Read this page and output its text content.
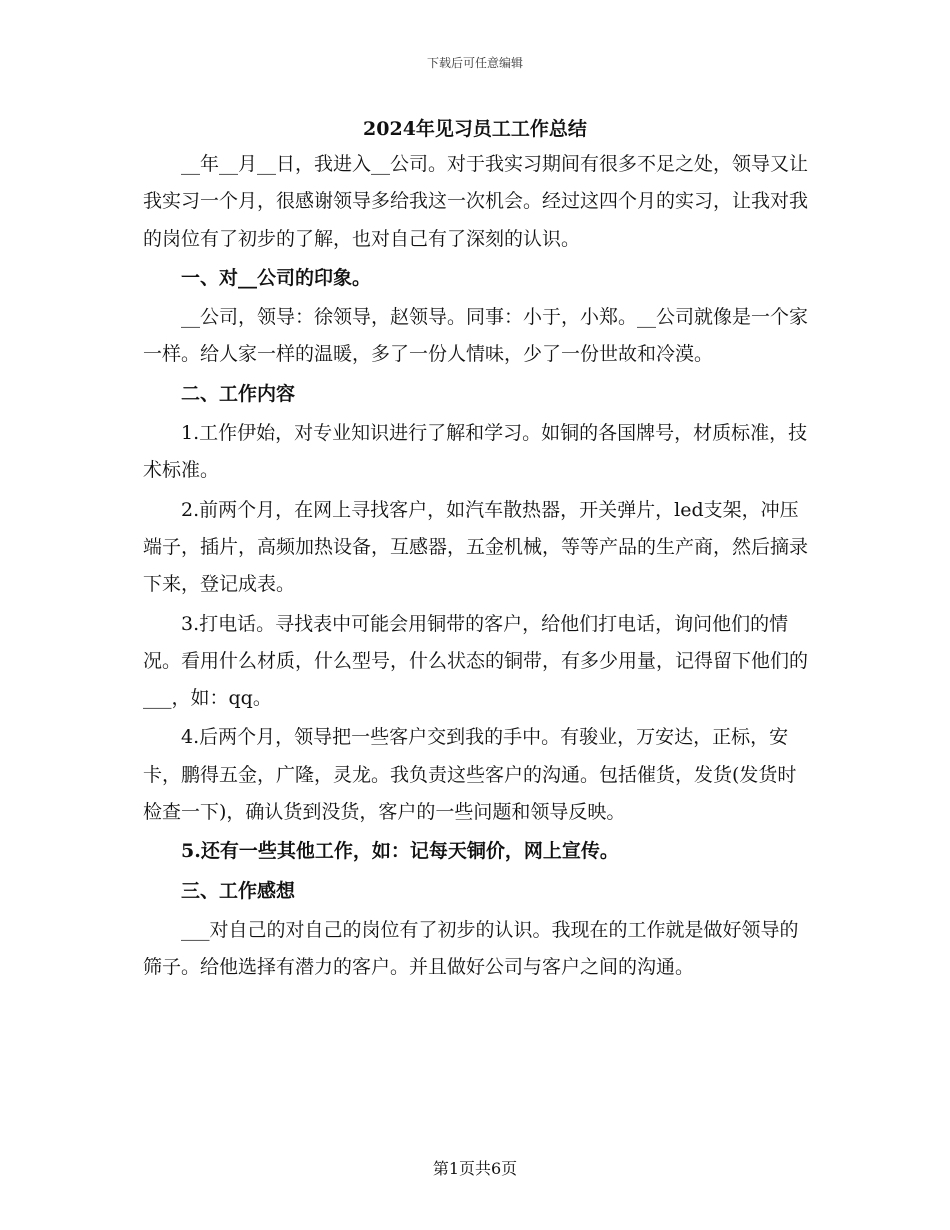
下载后可任意编辑
2024年见习员工工作总结

__年__月__日，我进入__公司。对于我实习期间有很多不足之处，领导又让我实习一个月，很感谢领导多给我这一次机会。经过这四个月的实习，让我对我的岗位有了初步的了解，也对自己有了深刻的认识。

一、对__公司的印象。

__公司，领导：徐领导，赵领导。同事：小于，小郑。__公司就像是一个家一样。给人家一样的温暖，多了一份人情味，少了一份世故和冷漠。

二、工作内容

1.工作伊始，对专业知识进行了解和学习。如铜的各国牌号，材质标准，技术标准。

2.前两个月，在网上寻找客户，如汽车散热器，开关弹片，led支架，冲压端子，插片，高频加热设备，互感器，五金机械，等等产品的生产商，然后摘录下来，登记成表。

3.打电话。寻找表中可能会用铜带的客户，给他们打电话，询问他们的情况。看用什么材质，什么型号，什么状态的铜带，有多少用量，记得留下他们的___，如：qq。

4.后两个月，领导把一些客户交到我的手中。有骏业，万安达，正标，安卡，鹏得五金，广隆，灵龙。我负责这些客户的沟通。包括催货，发货(发货时检查一下)，确认货到没货，客户的一些问题和领导反映。

5.还有一些其他工作，如：记每天铜价，网上宣传。

三、工作感想

___对自己的对自己的岗位有了初步的认识。我现在的工作就是做好领导的筛子。给他选择有潜力的客户。并且做好公司与客户之间的沟通。

第1页共6页
